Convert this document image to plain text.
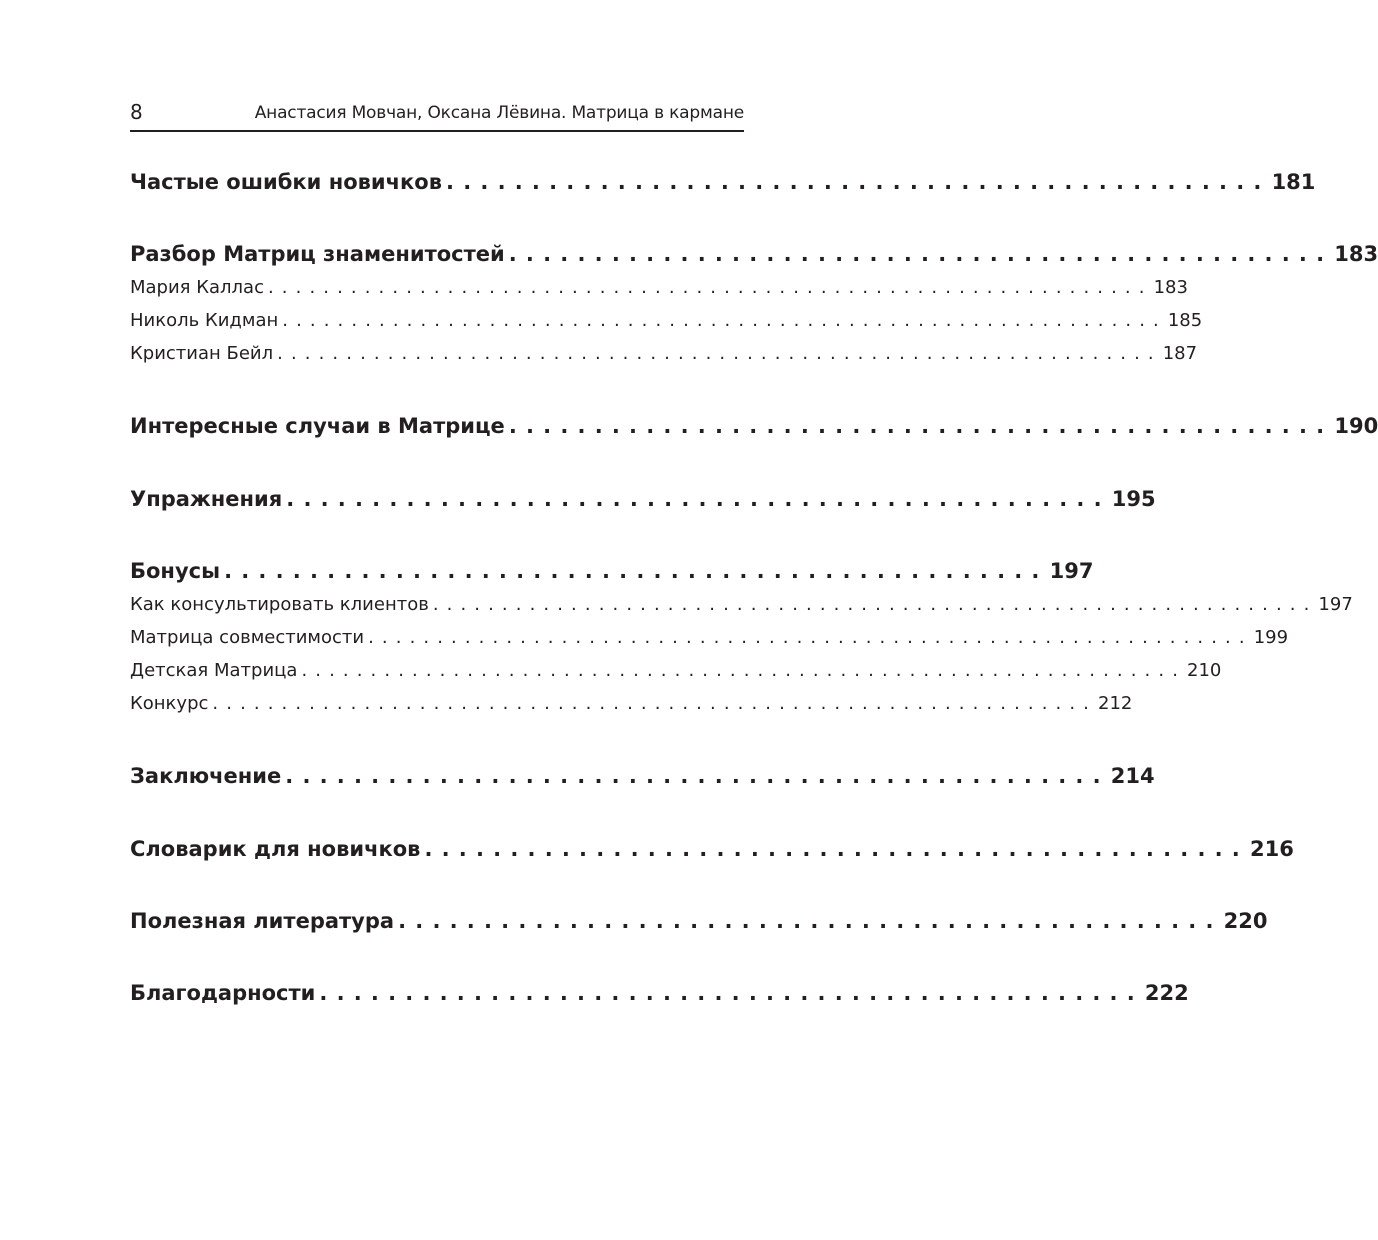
8	Анастасия Мовчан, Оксана Лёвина. Матрица в кармане
Частые ошибки новичков ................................................ 181
Разбор Матриц знаменитостей ................................................ 183
Мария Каллас ................................................................ 183
Николь Кидман ................................................................ 185
Кристиан Бейл ................................................................ 187
Интересные случаи в Матрице ................................................ 190
Упражнения ................................................ 195
Бонусы ................................................ 197
Как консультировать клиентов ................................................................ 197
Матрица совместимости ................................................................ 199
Детская Матрица ................................................................ 210
Конкурс ................................................................ 212
Заключение ................................................ 214
Словарик для новичков ................................................ 216
Полезная литература ................................................ 220
Благодарности ................................................ 222
